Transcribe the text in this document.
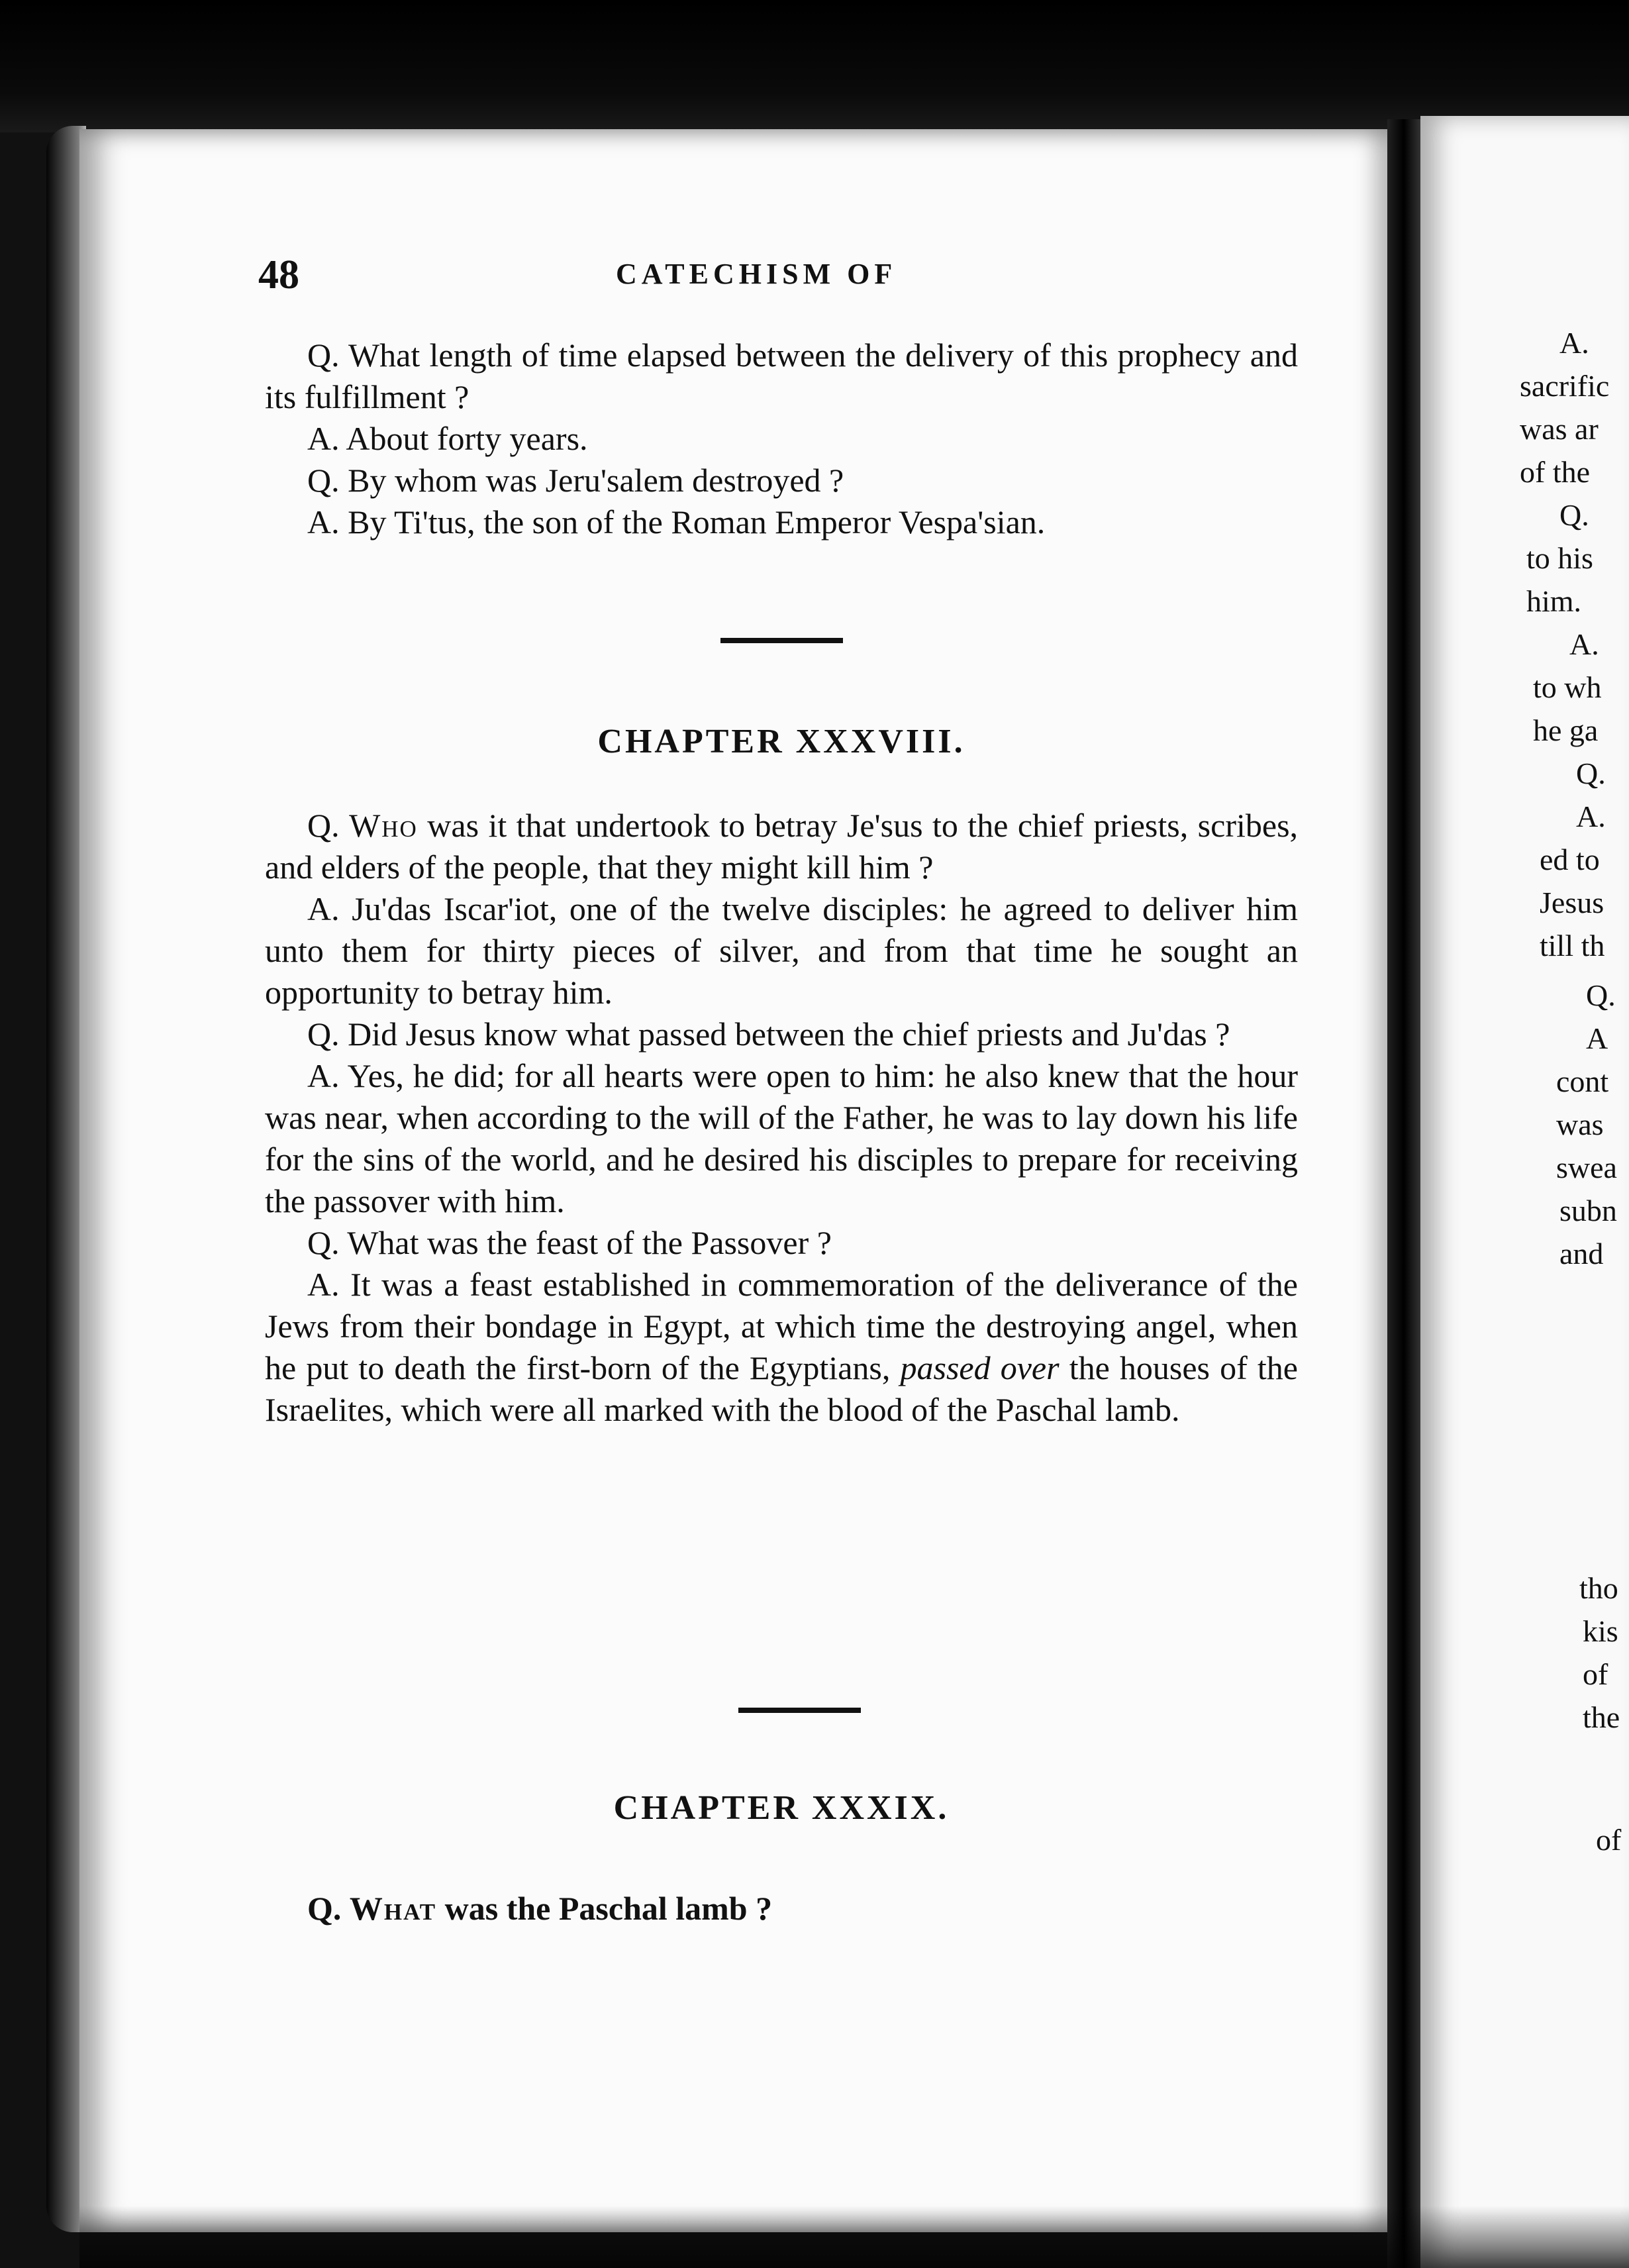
48	CATECHISM OF

Q. What length of time elapsed between the delivery of this prophecy and its fulfillment ?

A. About forty years.

Q. By whom was Jeru'salem destroyed ?

A. By Ti'tus, the son of the Roman Emperor Vespa'sian.

CHAPTER XXXVIII.

Q. Who was it that undertook to betray Je'sus to the chief priests, scribes, and elders of the people, that they might kill him ?

A. Ju'das Iscar'iot, one of the twelve disciples: he agreed to deliver him unto them for thirty pieces of silver, and from that time he sought an opportunity to betray him.

Q. Did Jesus know what passed between the chief priests and Ju'das ?

A. Yes, he did; for all hearts were open to him: he also knew that the hour was near, when according to the will of the Father, he was to lay down his life for the sins of the world, and he desired his disciples to prepare for receiving the passover with him.

Q. What was the feast of the Passover ?

A. It was a feast established in commemoration of the deliverance of the Jews from their bondage in Egypt, at which time the destroying angel, when he put to death the first-born of the Egyptians, passed over the houses of the Israelites, which were all marked with the blood of the Paschal lamb.

CHAPTER XXXIX.

Q. What was the Paschal lamb ?

A.
sacrific
was ar
of the
Q.
to his
him.
A.
to wh
he ga
Q.
A.
ed to
Jesus
till th
Q.
A
cont
was
swea
subn
and
tho
kis
of
the
of
